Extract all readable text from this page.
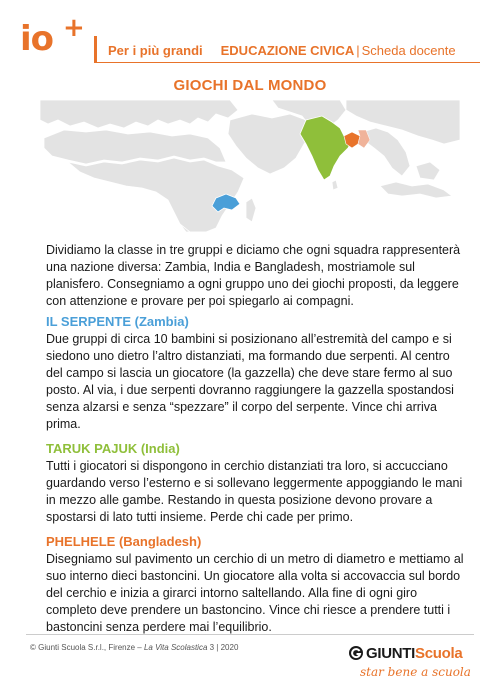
io +
Per i più grandi EDUCAZIONE CIVICA | Scheda docente
GIOCHI DAL MONDO

Dividiamo la classe in tre gruppi e diciamo che ogni squadra rappresenterà una nazione diversa: Zambia, India e Bangladesh, mostriamole sul planisfero. Consegniamo a ogni gruppo uno dei giochi proposti, da leggere con attenzione e provare per poi spiegarlo ai compagni.

IL SERPENTE (Zambia)

Due gruppi di circa 10 bambini si posizionano all’estremità del campo e si siedono uno dietro l’altro distanziati, ma formando due serpenti. Al centro del campo si lascia un giocatore (la gazzella) che deve stare fermo al suo posto. Al via, i due serpenti dovranno raggiungere la gazzella spostandosi senza alzarsi e senza “spezzare” il corpo del serpente. Vince chi arriva prima.

TARUK PAJUK (India)

Tutti i giocatori si dispongono in cerchio distanziati tra loro, si accucciano guardando verso l’esterno e si sollevano leggermente appoggiando le mani in mezzo alle gambe. Restando in questa posizione devono provare a spostarsi di lato tutti insieme. Perde chi cade per primo.

PHELHELE (Bangladesh)

Disegniamo sul pavimento un cerchio di un metro di diametro e mettiamo al suo interno dieci bastoncini. Un giocatore alla volta si accovaccia sul bordo del cerchio e inizia a girarci intorno saltellando. Alla fine di ogni giro completo deve prendere un bastoncino. Vince chi riesce a prendere tutti i bastoncini senza perdere mai l’equilibrio.

© Giunti Scuola S.r.l., Firenze – La Vita Scolastica 3 | 2020	GIUNTIScuola
star bene a scuola
